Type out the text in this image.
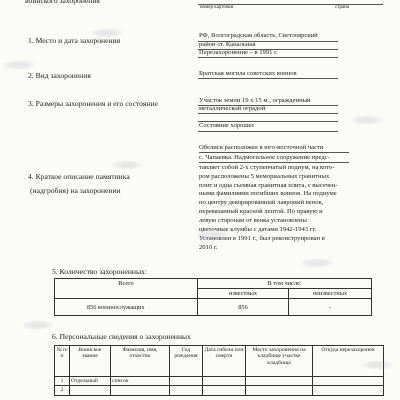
воинского захоронения
номер карточки	страна
1. Место и дата захоронения
РФ, Волгоградская область, Светлоярский
район ст. Канальная
Перезахоронение – в 1991 г.
2. Вид захоронения	Братская могила советских воинов
3. Размеры захоронения и его состояние	Участок земли 19 х 15 м., огражденный
металлической оградой
Состояние хорошее
4. Краткое описание памятника
(надгробия) на захоронении
Обелиск расположен в юго-восточной части
с. Чапаевка. Надмогильное сооружение предс-
тавляет собой 2-х ступенчатый подиум, на кото-
ром расположены 5 мемориальных гранитных
плит и одна съемная гранитная плита, с высечен-
ными фамилиями погибших воинов. На подиуме
по центру декорированный лавровый венок,
перевязанный красной лентой. По правую и
левую сторонам от венка установлены
цветочные клумбы с датами 1942-1943 гг.
Установлен в 1991 г., был реконструирован в
2010 г.
5. Количество захороненных:
Всего	В том числе:	
	известных	неизвестных
856 военнослужащих	856	-
6. Персональные сведения о захороненных
№ п/п	Воинское звание	Фамилия, имя, отчество	Год рождения	Дата гибели или смерти	Место захоронения на кладбище участке кладбища	Откуда перезахоронен
1	Отдельный	список				
2						
